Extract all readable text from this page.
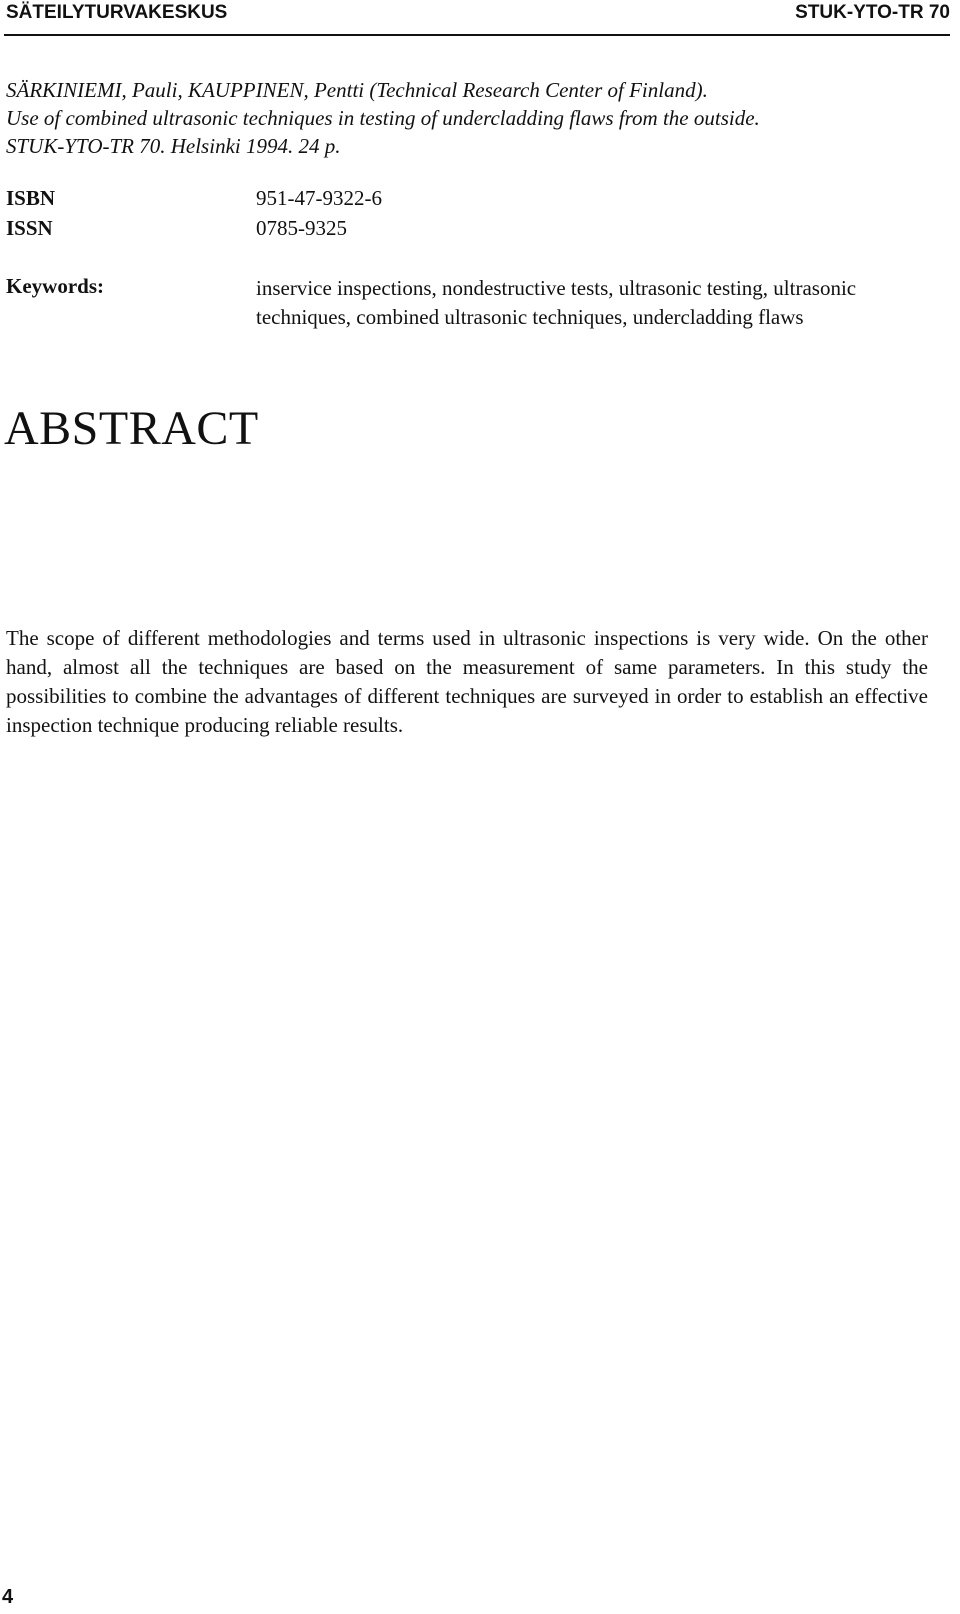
SÄTEILYTURVAKESKUS	STUK-YTO-TR 70
SÄRKINIEMI, Pauli, KAUPPINEN, Pentti (Technical Research Center of Finland).
Use of combined ultrasonic techniques in testing of undercladding flaws from the outside.
STUK-YTO-TR 70. Helsinki 1994. 24 p.
ISBN	951-47-9322-6
ISSN	0785-9325
Keywords:	inservice inspections, nondestructive tests, ultrasonic testing, ultrasonic techniques, combined ultrasonic techniques, undercladding flaws
ABSTRACT

The scope of different methodologies and terms used in ultrasonic inspections is very wide. On the other hand, almost all the techniques are based on the measurement of same parameters. In this study the possibilities to combine the advantages of different techniques are surveyed in order to establish an effective inspection technique producing reliable results.

4
